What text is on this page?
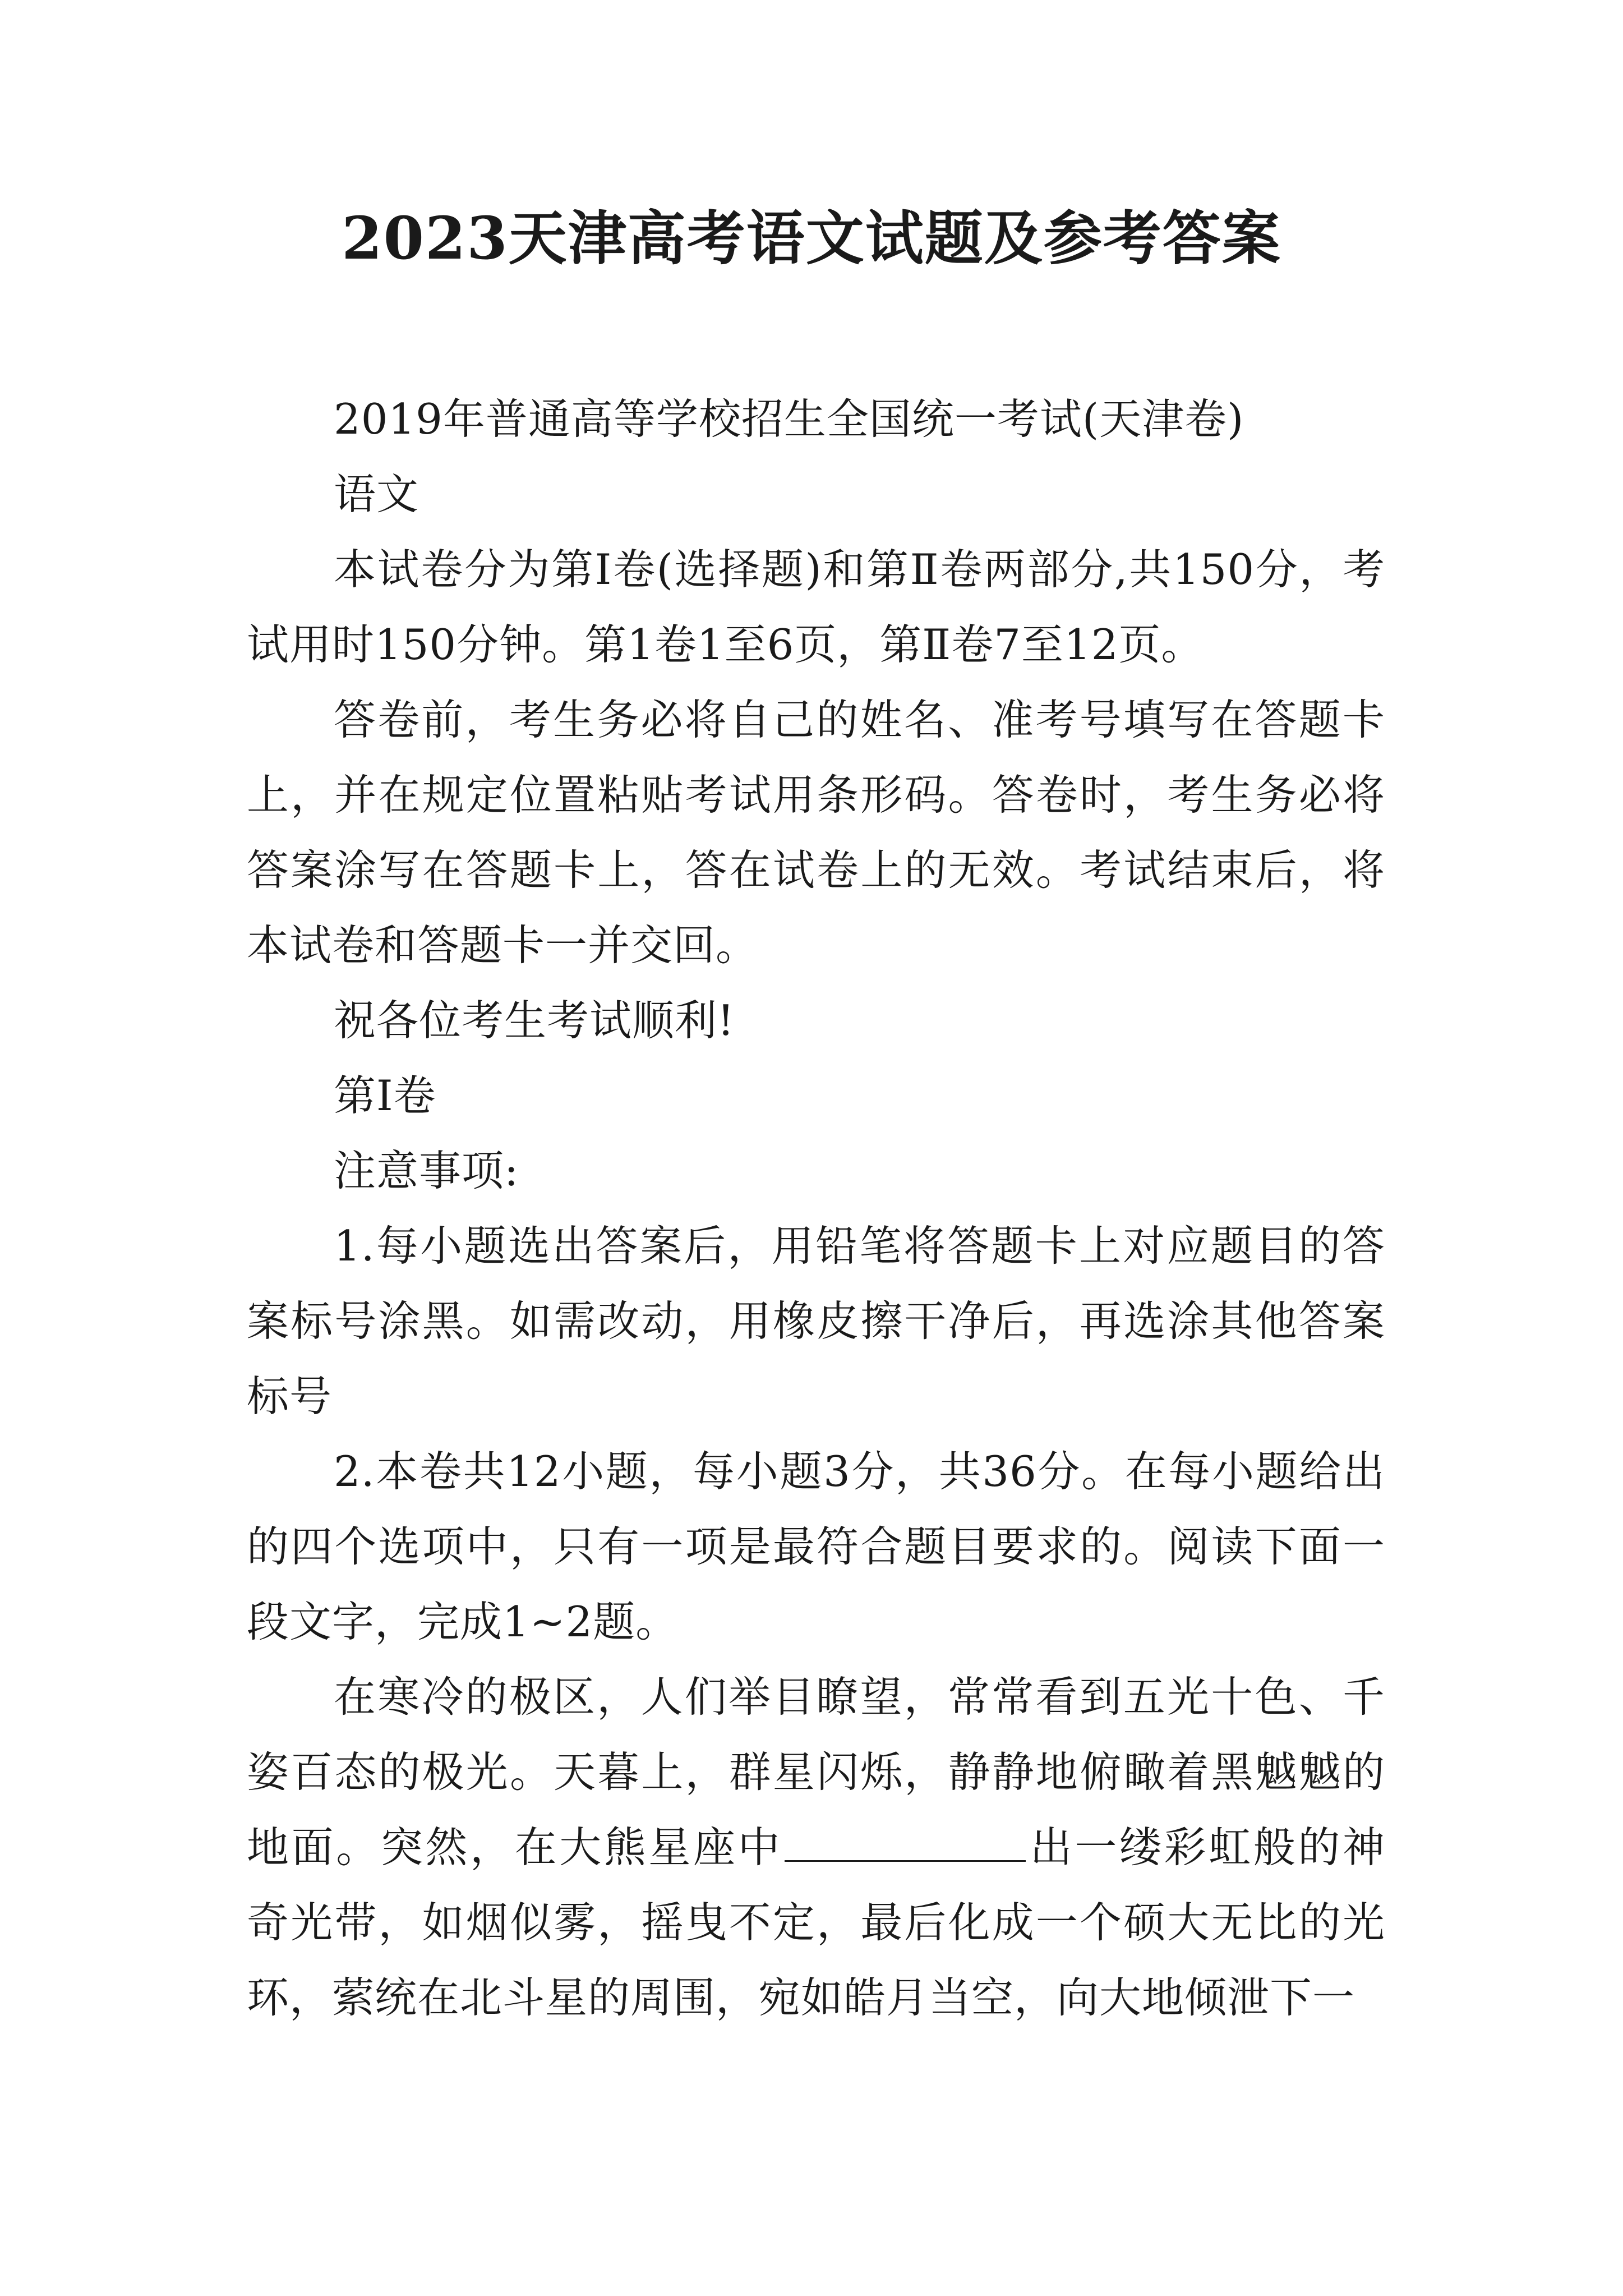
2023天津高考语文试题及参考答案

2019年普通高等学校招生全国统一考试(天津卷)

语文

本试卷分为第Ⅰ卷(选择题)和第Ⅱ卷两部分,共150分，考试用时150分钟。第1卷1至6页，第Ⅱ卷7至12页。

答卷前，考生务必将自己的姓名、准考号填写在答题卡上，并在规定位置粘贴考试用条形码。答卷时，考生务必将答案涂写在答题卡上，答在试卷上的无效。考试结束后，将本试卷和答题卡一并交回。

祝各位考生考试顺利!

第Ⅰ卷

注意事项:

1.每小题选出答案后，用铅笔将答题卡上对应题目的答案标号涂黑。如需改动，用橡皮擦干净后，再选涂其他答案标号

2.本卷共12小题，每小题3分，共36分。在每小题给出的四个选项中，只有一项是最符合题目要求的。阅读下面一段文字，完成1~2题。

在寒冷的极区，人们举目瞭望，常常看到五光十色、千姿百态的极光。天暮上，群星闪烁，静静地俯瞰着黑魆魆的地面。突然，在大熊星座中	出一缕彩虹般的神奇光带，如烟似雾，摇曳不定，最后化成一个硕大无比的光环，萦统在北斗星的周围，宛如皓月当空，向大地倾泄下一
